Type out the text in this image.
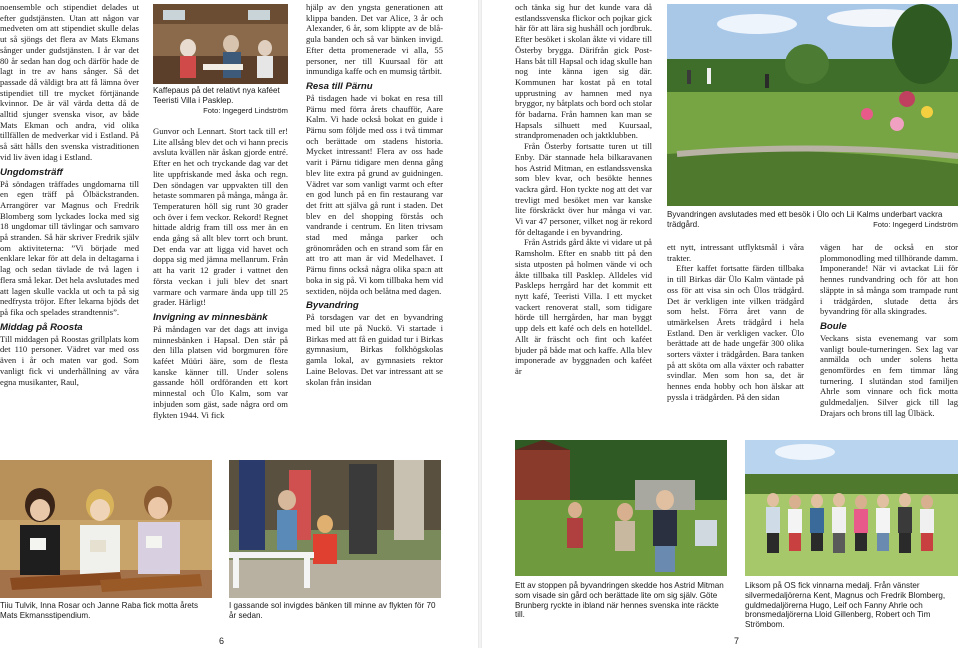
noensemble och stipendiet delades ut efter gudstjänsten. Utan att någon var medveten om att stipendiet skulle delas ut så sjöngs det flera av Mats Ekmans sånger under gudstjänsten. I år var det 80 år sedan han dog och därför hade de lagt in tre av hans sånger. Så det passade då väldigt bra att få lämna över stipendiet till tre mycket förtjänande kvinnor. De är väl värda detta då de alltid sjunger svenska visor, av både Mats Ekman och andra, vid olika tillfällen de medverkar vid i Estland. På så sätt hålls den svenska vistraditionen vid liv även idag i Estland.

Ungdomsträff

På söndagen träffades ungdomarna till en egen träff på Ölbäckstranden. Arrangörer var Magnus och Fredrik Blomberg som lyckades locka med sig 18 ungdomar till tävlingar och samvaro på stranden. Så här skriver Fredrik själv om aktiviteterna: ”Vi började med enklare lekar för att dela in deltagarna i lag och sedan tävlade de två lagen i flera små lekar. Det hela avslutades med att lagen skulle vackla ut och ta på sig nedfrysta tröjor. Efter lekarna bjöds det på fika och spelades strandtennis”.

Middag på Roosta

Till middagen på Roostas grillplats kom det 110 personer. Vädret var med oss även i år och maten var god. Som vanligt fick vi underhållning av våra egna musikanter, Raul,

Kaffepaus på det relativt nya kaféet Teeristi Villa i Pasklep.

Foto: Ingegerd Lindström

Gunvor och Lennart. Stort tack till er! Lite allsång blev det och vi hann precis avsluta kvällen när åskan gjorde entré. Efter en het och tryckande dag var det lite uppfriskande med åska och regn. Den söndagen var uppvakten till den hetaste sommaren på många, många år. Temperaturen höll sig runt 30 grader och över i fem veckor. Rekord! Regnet hittade aldrig fram till oss mer än en enda gång så allt blev torrt och brunt. Det enda var att ligga vid havet och doppa sig med jämna mellanrum. Från att ha varit 12 grader i vattnet den första veckan i juli blev det snart varmare och varmare ända upp till 25 grader. Härligt!

Invigning av minnesbänk

På måndagen var det dags att inviga minnesbänken i Hapsal. Den står på den lilla platsen vid borgmuren före kaféet Müüri ääre, som de flesta kanske känner till. Under solens gassande höll ordföranden ett kort minnestal och Ülo Kalm, som var inbjuden som gäst, sade några ord om flykten 1944. Vi fick

hjälp av den yngsta generationen att klippa banden. Det var Alice, 3 år och Alexander, 6 år, som klippte av de blå-gula banden och så var bänken invigd. Efter detta promenerade vi alla, 55 personer, ner till Kuursaal för att inmundiga kaffe och en mumsig tårtbit.

Resa till Pärnu

På tisdagen hade vi bokat en resa till Pärnu med förra årets chaufför, Aare Kalm. Vi hade också bokat en guide i Pärnu som följde med oss i två timmar och berättade om stadens historia. Mycket intressant! Flera av oss hade varit i Pärnu tidigare men denna gång blev lite extra på grund av guidningen. Vädret var som vanligt varmt och efter en god lunch på en fin restaurang var det fritt att själva gå runt i staden. Det blev en del shopping förstås och vandrande i centrum. En liten trivsam stad med många parker och grönområden och en strand som får en att tro att man är vid Medelhavet. I Pärnu finns också några olika spa:n att boka in sig på. Vi kom tillbaka hem vid sextiden, nöjda och belåtna med dagen.

Byvandring

På torsdagen var det en byvandring med bil ute på Nuckö. Vi startade i Birkas med att få en guidad tur i Birkas gymnasium, Birkas folkhögskolas gamla lokal, av gymnasiets rektor Laine Belovas. Det var intressant att se skolan från insidan

Tiiu Tulvik, Inna Rosar och Janne Raba fick motta årets Mats Ekmansstipendium.
I gassande sol invigdes bänken till minne av flykten för 70 år sedan.
6

och tänka sig hur det kunde vara då estlandssvenska flickor och pojkar gick här för att lära sig hushåll och jordbruk. Efter besöket i skolan åkte vi vidare till Österby brygga. Därifrån gick Post-Hans båt till Hapsal och idag skulle han nog inte känna igen sig där. Kommunen har kostat på en total upprustning av hamnen med nya bryggor, ny båtplats och bord och stolar för badarna. Från hamnen kan man se Hapsals silhuett med Kuursaal, strandpromenaden och jaktklubben.

Från Österby fortsatte turen ut till Enby. Där stannade hela bilkaravanen hos Astrid Mitman, en estlandssvenska som blev kvar, och besökte hennes vackra gård. Hon tyckte nog att det var trevligt med besöket men var kanske lite förskräckt över hur många vi var. Vi var 47 personer, vilket nog är rekord för deltagande i en byvandring.

Från Astrids gård åkte vi vidare ut på Ramsholm. Efter en snabb titt på den sista utposten på holmen vände vi och åkte tillbaka till Pasklep. Alldeles vid Paskleps herrgård har det kommit ett nytt kafé, Teeristi Villa. I ett mycket vackert renoverat stall, som tidigare hörde till herrgården, har man byggt upp dels ett kafé och dels en hotelldel. Allt är fräscht och fint och kaféet bjuder på både mat och kaffe. Alla blev imponerade av byggnaden och kaféet är

Byvandringen avslutades med ett besök i Ülo och Lii Kalms underbart vackra trädgård.	Foto: Ingegerd Lindström

ett nytt, intressant utflyktsmål i våra trakter.

Efter kaffet fortsatte färden tillbaka in till Birkas där Ülo Kalm väntade på oss för att visa sin och Ülos trädgård. Det är verkligen inte vilken trädgård som helst. Förra året vann de utmärkelsen Årets trädgård i hela Estland. Den är verkligen vacker. Ülo berättade att de hade ungefär 300 olika sorters växter i trädgården. Bara tanken på att sköta om alla växter och rabatter svindlar. Men som hon sa, det är hennes enda hobby och hon älskar att pyssla i trädgården. På den sidan

vägen har de också en stor plommonodling med tillhörande damm. Imponerande! När vi avtackat Lii för hennes rundvandring och för att hon släppte in så många som trampade runt i trädgården, slutade detta års byvandring för alla skingrades.

Boule

Veckans sista evenemang var som vanligt boule-turneringen. Sex lag var anmälda och under solens hetta genomfördes en fem timmar lång turnering. I slutändan stod familjen Ahrle som vinnare och fick motta guldmedaljen. Silver gick till lag Drajars och brons till lag Ülbäck.

Ett av stoppen på byvandringen skedde hos Astrid Mitman som visade sin gård och berättade lite om sig själv. Göte Brunberg ryckte in ibland när hennes svenska inte räckte till.
Liksom på OS fick vinnarna medalj. Från vänster silvermedaljörerna Kent, Magnus och Fredrik Blomberg, guldmedaljörerna Hugo, Leif och Fanny Ahrle och bronsmedaljörerna Lloid Gillenberg, Robert och Tim Strömbom.
7
